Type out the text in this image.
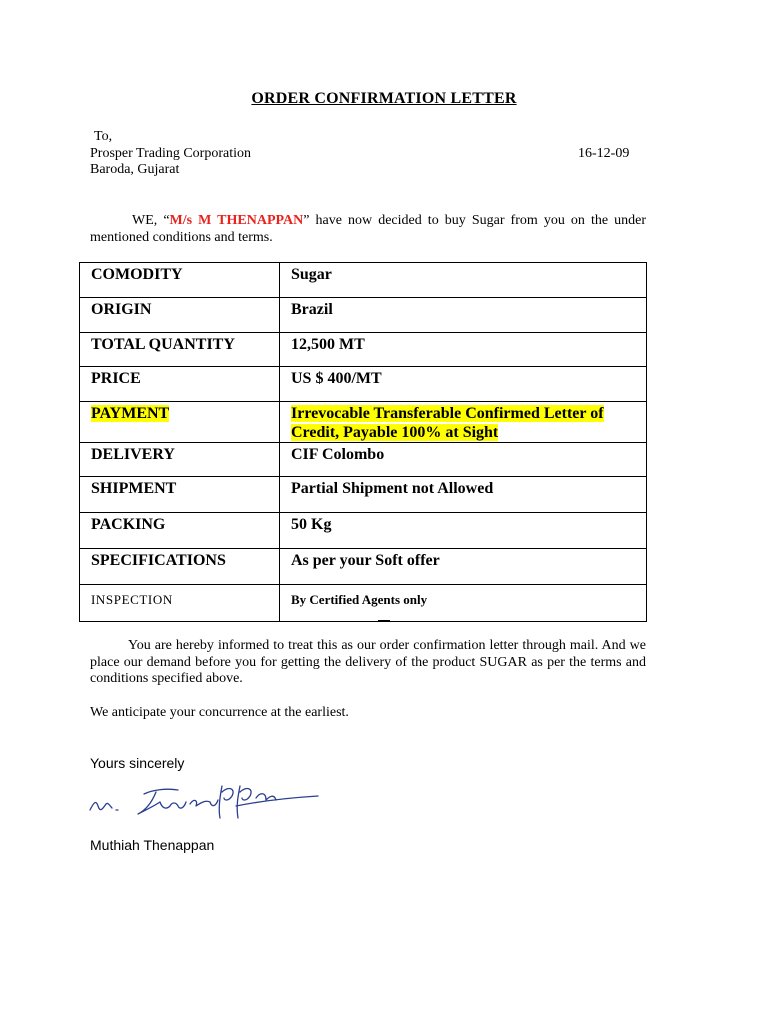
ORDER CONFIRMATION LETTER
To,
Prosper Trading Corporation
Baroda, Gujarat
16-12-09
WE, “M/s M THENAPPAN” have now decided to buy Sugar from you on the under mentioned conditions and terms.
COMODITY	Sugar

ORIGIN	Brazil

TOTAL QUANTITY	12,500 MT

PRICE	US $ 400/MT

PAYMENT	Irrevocable Transferable Confirmed Letter of Credit, Payable 100% at Sight

DELIVERY	CIF Colombo

SHIPMENT	Partial Shipment not Allowed

PACKING	50 Kg

SPECIFICATIONS	As per your Soft offer

INSPECTION	By Certified Agents only
You are hereby informed to treat this as our order confirmation letter through mail. And we place our demand before you for getting the delivery of the product SUGAR as per the terms and conditions specified above.
We anticipate your concurrence at the earliest.
Yours sincerely
Muthiah Thenappan
